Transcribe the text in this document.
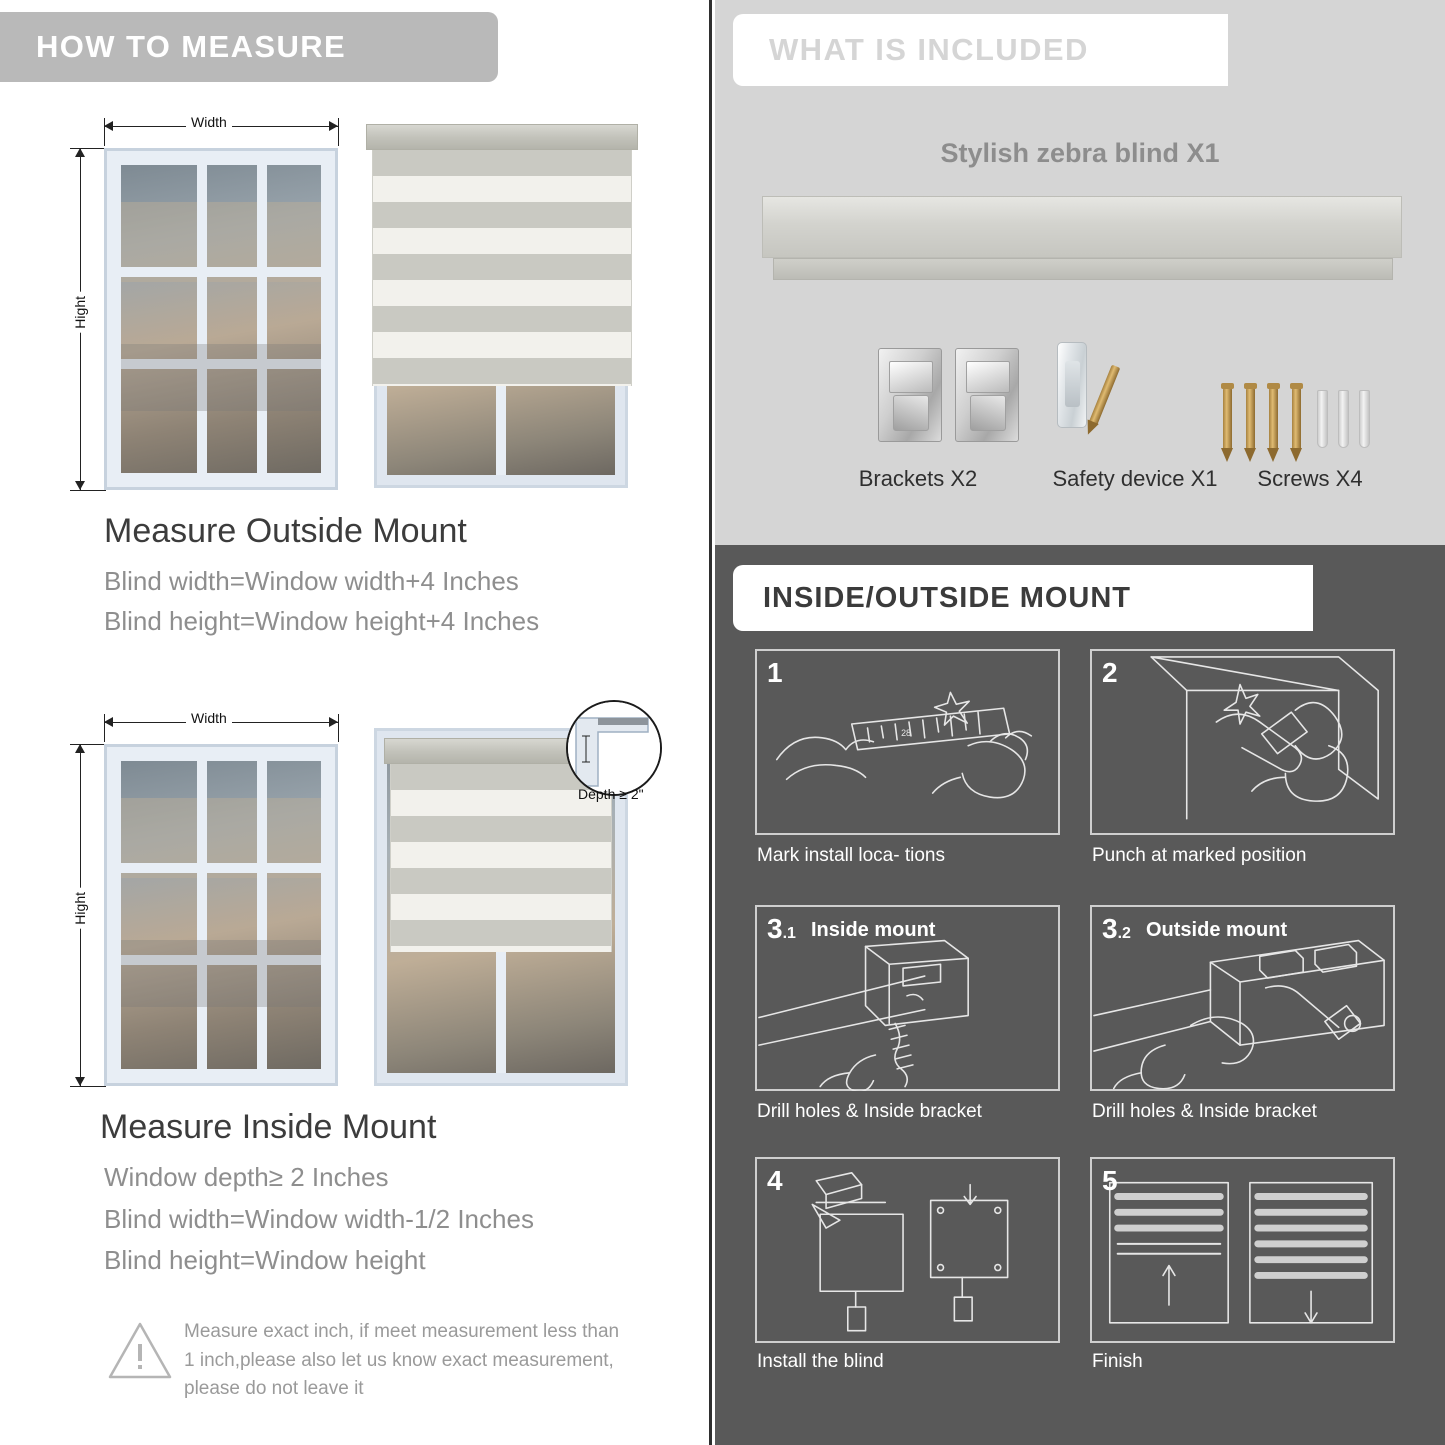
HOW TO MEASURE
Width
Hight
Measure Outside Mount
Blind width=Window width+4 Inches
Blind height=Window height+4 Inches
Width
Hight
Depth ≥ 2"
Measure Inside Mount
Window depth≥ 2 Inches
Blind width=Window width-1/2 Inches
Blind height=Window height
Measure exact inch, if meet measurement less than 1 inch,please also let us know exact measurement, please do not leave it
WHAT IS INCLUDED
Stylish zebra blind X1
Brackets X2	Safety device X1	Screws X4
INSIDE/OUTSIDE MOUNT
28
1
Mark install loca- tions
2
Punch at marked position
3.1 Inside mount
Drill holes & Inside bracket
3.2 Outside mount
Drill holes & Inside bracket
4
Install the blind
5
Finish
